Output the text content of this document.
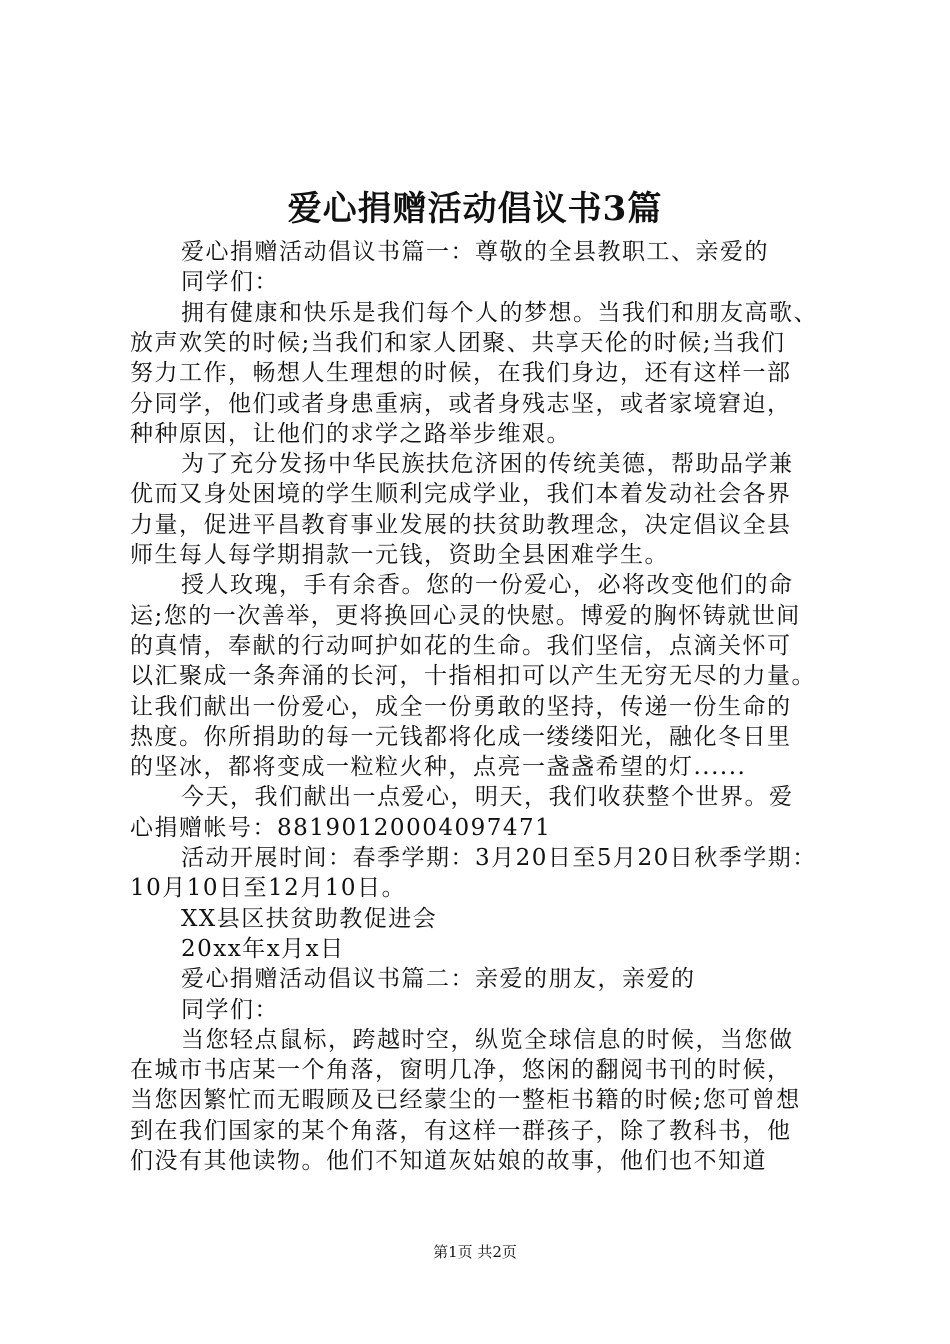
爱心捐赠活动倡议书3篇
爱心捐赠活动倡议书篇一：尊敬的全县教职工、亲爱的
同学们：
拥有健康和快乐是我们每个人的梦想。当我们和朋友高歌、
放声欢笑的时候;当我们和家人团聚、共享天伦的时候;当我们
努力工作，畅想人生理想的时候，在我们身边，还有这样一部
分同学，他们或者身患重病，或者身残志坚，或者家境窘迫，
种种原因，让他们的求学之路举步维艰。
为了充分发扬中华民族扶危济困的传统美德，帮助品学兼
优而又身处困境的学生顺利完成学业，我们本着发动社会各界
力量，促进平昌教育事业发展的扶贫助教理念，决定倡议全县
师生每人每学期捐款一元钱，资助全县困难学生。
授人玫瑰，手有余香。您的一份爱心，必将改变他们的命
运;您的一次善举，更将换回心灵的快慰。博爱的胸怀铸就世间
的真情，奉献的行动呵护如花的生命。我们坚信，点滴关怀可
以汇聚成一条奔涌的长河，十指相扣可以产生无穷无尽的力量。
让我们献出一份爱心，成全一份勇敢的坚持，传递一份生命的
热度。你所捐助的每一元钱都将化成一缕缕阳光，融化冬日里
的坚冰，都将变成一粒粒火种，点亮一盏盏希望的灯......
今天，我们献出一点爱心，明天，我们收获整个世界。爱
心捐赠帐号：88190120004097471
活动开展时间：春季学期：3月20日至5月20日秋季学期：
10月10日至12月10日。
XX县区扶贫助教促进会
20xx年x月x日
爱心捐赠活动倡议书篇二：亲爱的朋友，亲爱的
同学们：
当您轻点鼠标，跨越时空，纵览全球信息的时候，当您做
在城市书店某一个角落，窗明几净，悠闲的翻阅书刊的时候，
当您因繁忙而无暇顾及已经蒙尘的一整柜书籍的时候;您可曾想
到在我们国家的某个角落，有这样一群孩子，除了教科书，他
们没有其他读物。他们不知道灰姑娘的故事，他们也不知道
第1页 共2页
